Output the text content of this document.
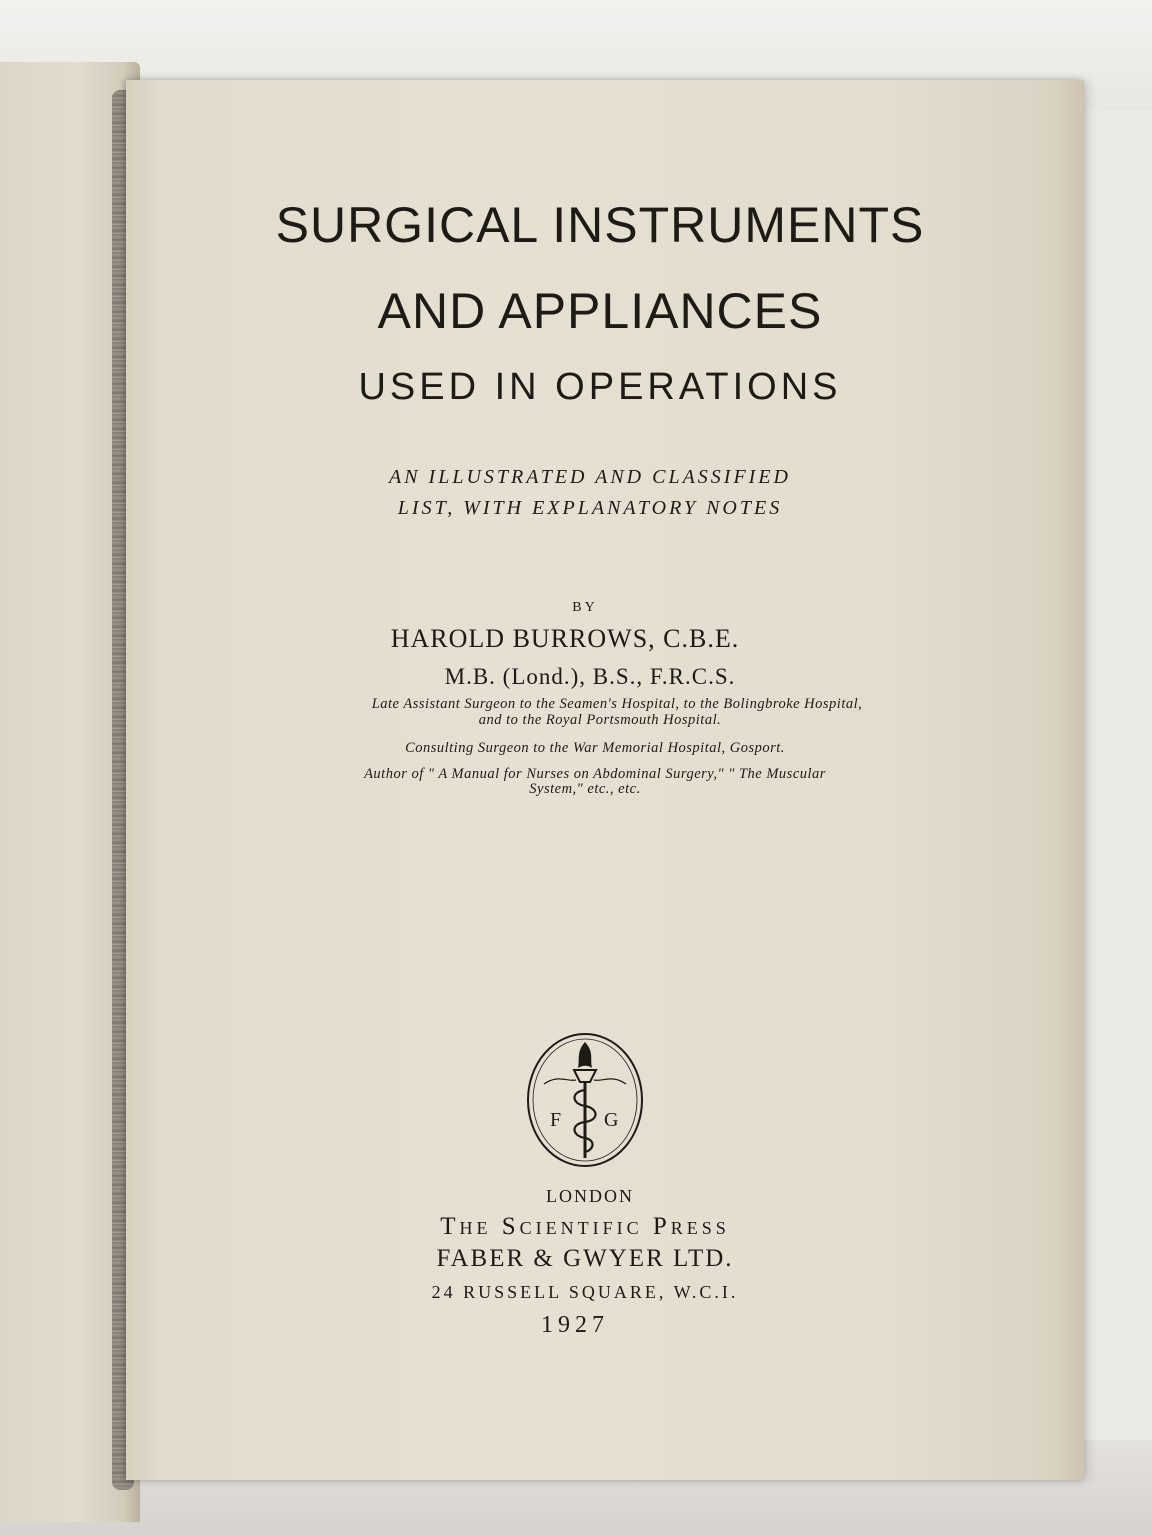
SURGICAL INSTRUMENTS
AND APPLIANCES
USED IN OPERATIONS
AN ILLUSTRATED AND CLASSIFIED
LIST, WITH EXPLANATORY NOTES
BY
HAROLD BURROWS, C.B.E.
M.B. (Lond.), B.S., F.R.C.S.
Late Assistant Surgeon to the Seamen's Hospital, to the Bolingbroke Hospital,
and to the Royal Portsmouth Hospital.
Consulting Surgeon to the War Memorial Hospital, Gosport.
Author of " A Manual for Nurses on Abdominal Surgery," " The Muscular
System," etc., etc.
F G
LONDON
The Scientific Press
FABER & GWYER LTD.
24 RUSSELL SQUARE, W.C.I.
1927
